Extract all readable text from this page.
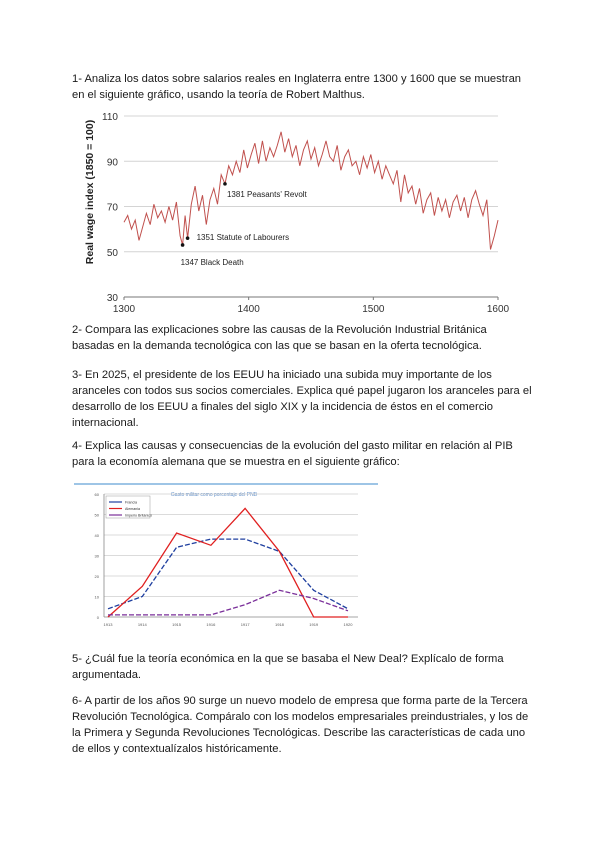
1- Analiza los datos sobre salarios reales en Inglaterra entre 1300 y 1600 que se muestran en el siguiente gráfico, usando la teoría de Robert Malthus.

Real wage index (1850 = 100)
30
50
70
90
110
1300	1400	1500	1600
1347 Black Death
1351 Statute of Labourers
1381 Peasants' Revolt

2- Compara las explicaciones sobre las causas de la Revolución Industrial Británica basadas en la demanda tecnológica con las que se basan en la oferta tecnológica.

3- En 2025, el presidente de los EEUU ha iniciado una subida muy importante de los aranceles con todos sus socios comerciales. Explica qué papel jugaron los aranceles para el desarrollo de los EEUU a finales del siglo XIX y la incidencia de éstos en el comercio internacional.

4- Explica las causas y consecuencias de la evolución del gasto militar en relación al PIB para la economía alemana que se muestra en el siguiente gráfico:

Gasto militar como porcentaje del PNB
0
10
20
30
40
50
60
1913	1914	1915	1916	1917	1918	1919	1920
Francia
Alemania
Imperio Británico

5- ¿Cuál fue la teoría económica en la que se basaba el New Deal? Explícalo de forma argumentada.

6- A partir de los años 90 surge un nuevo modelo de empresa que forma parte de la Tercera Revolución Tecnológica. Compáralo con los modelos empresariales preindustriales, y los de la Primera y Segunda Revoluciones Tecnológicas. Describe las características de cada uno de ellos y contextualízalos históricamente.
